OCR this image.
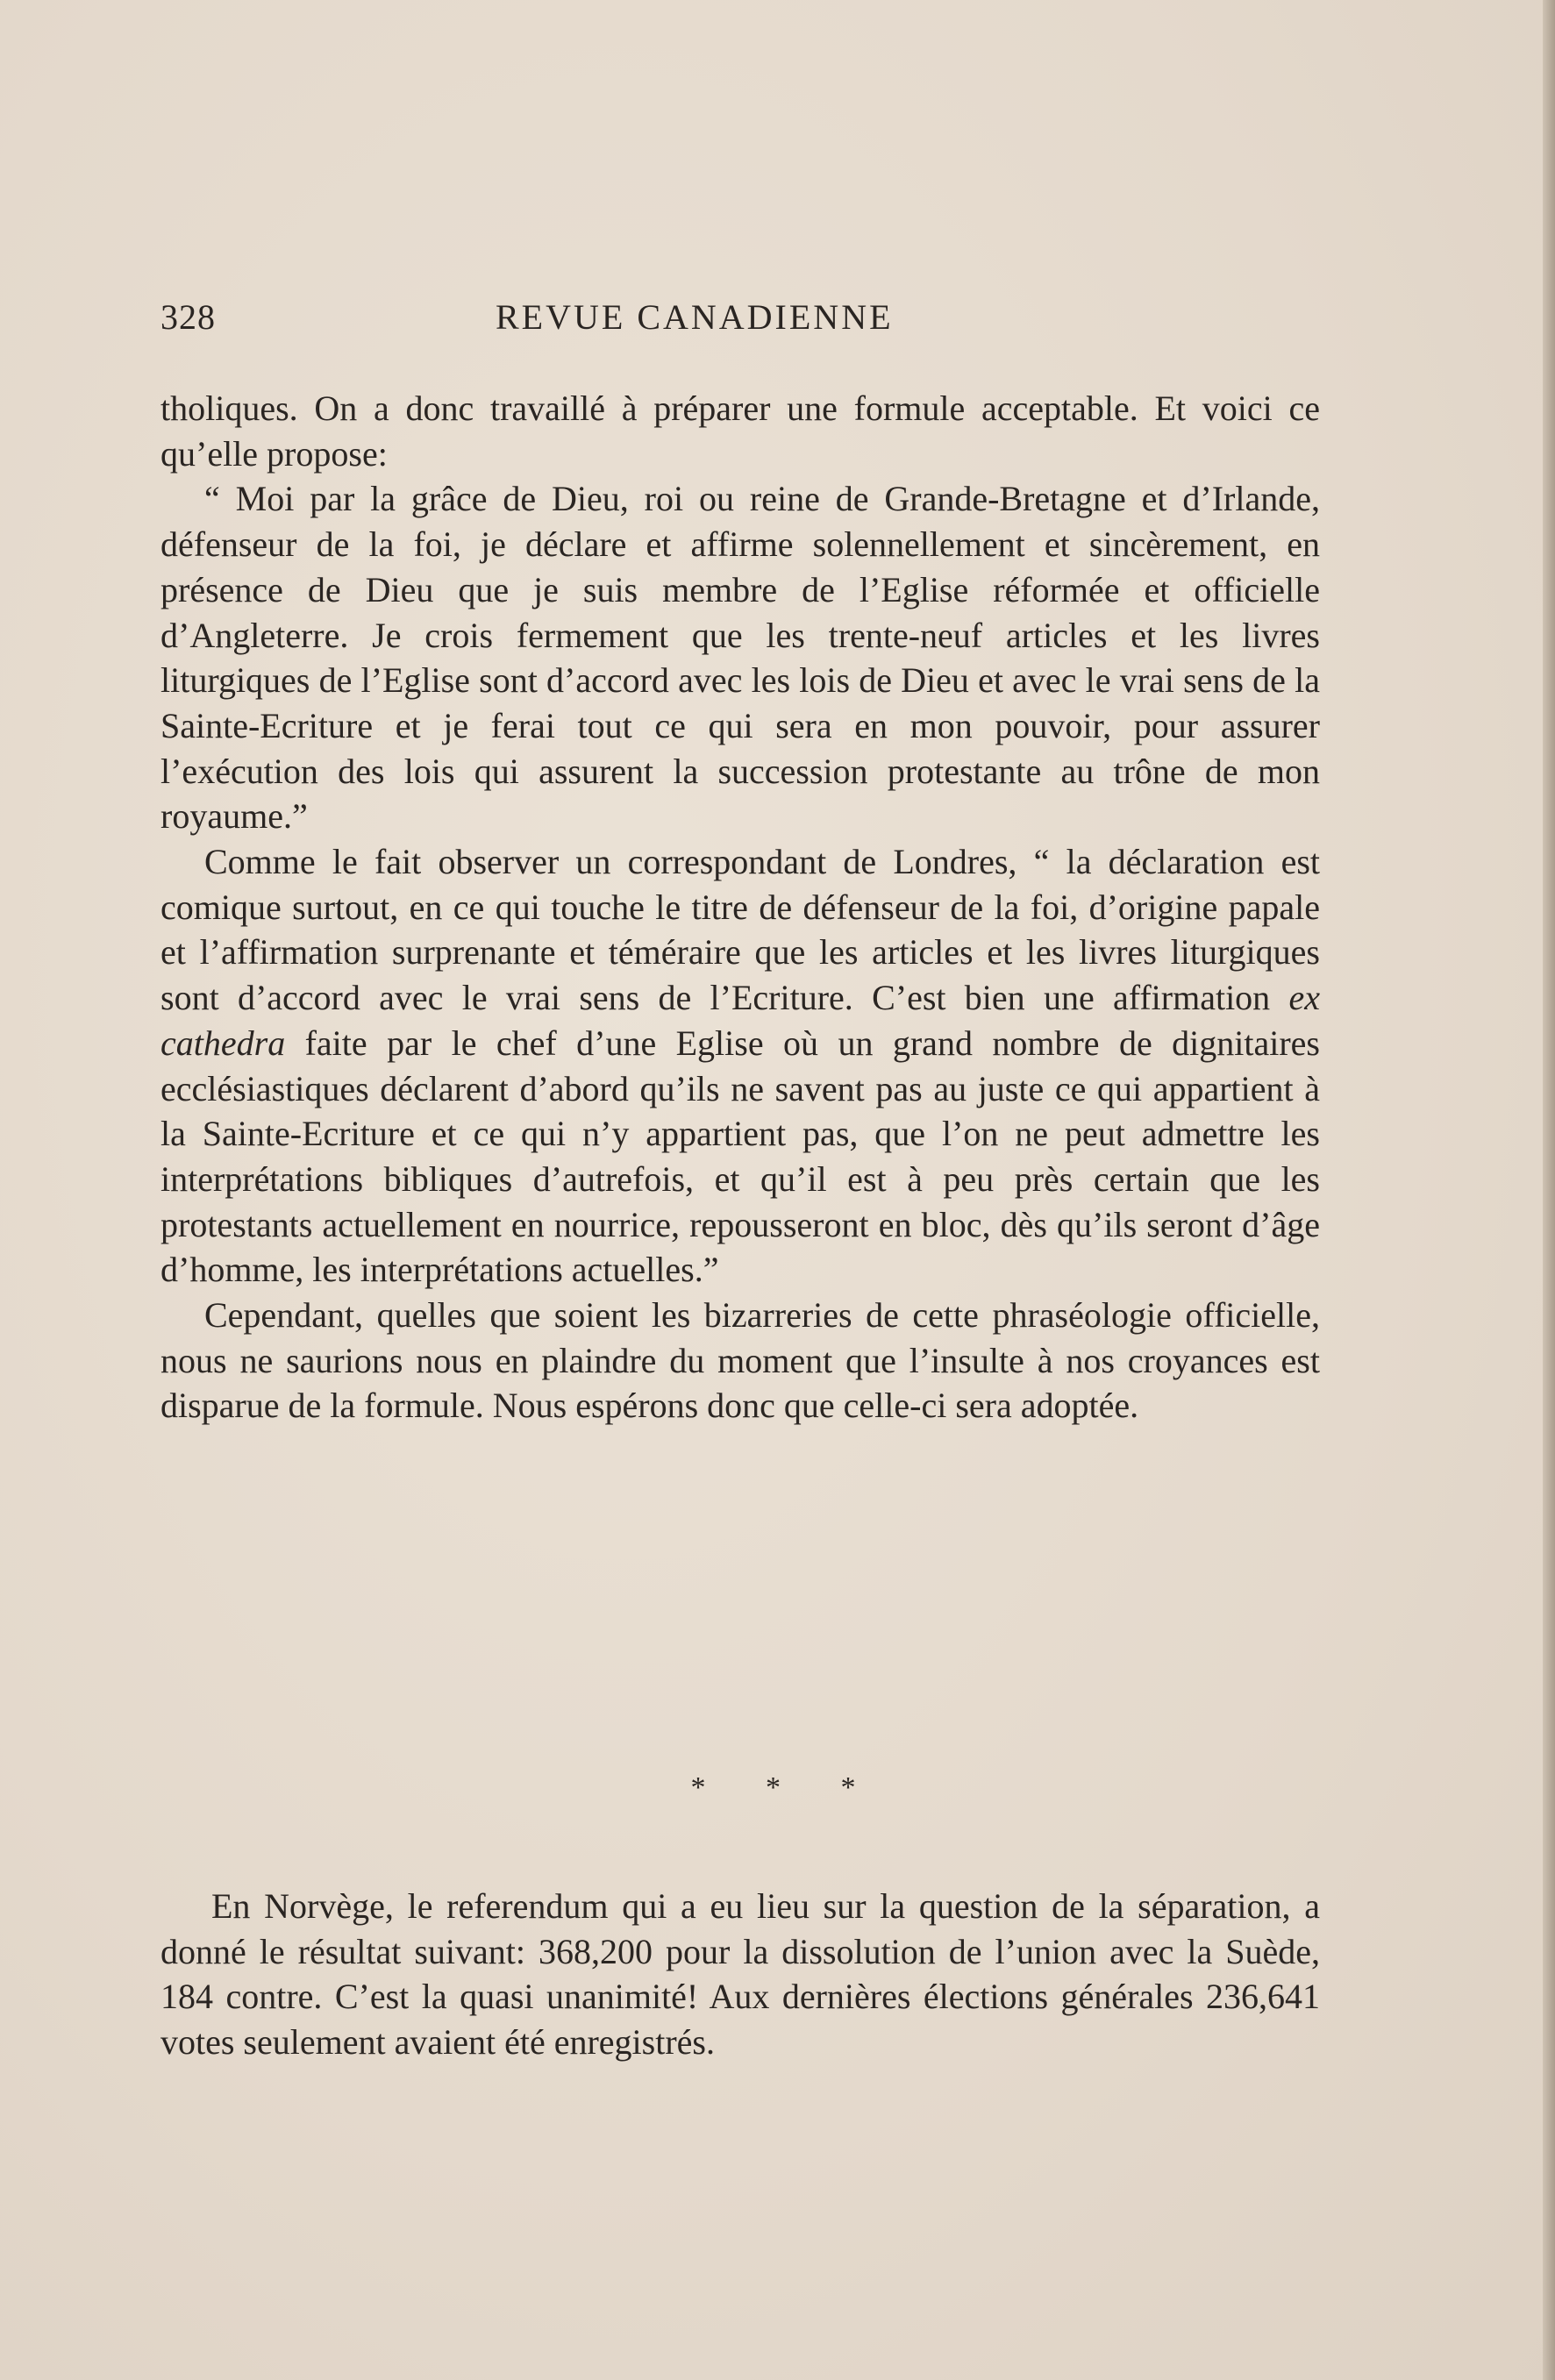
328	REVUE CANADIENNE

tholiques. On a donc travaillé à préparer une formule acceptable. Et voici ce qu’elle propose:

“ Moi par la grâce de Dieu, roi ou reine de Grande-Bretagne et d’Irlande, défenseur de la foi, je déclare et affirme solennellement et sincèrement, en présence de Dieu que je suis membre de l’Eglise réformée et officielle d’Angleterre. Je crois fermement que les trente-neuf articles et les livres liturgiques de l’Eglise sont d’accord avec les lois de Dieu et avec le vrai sens de la Sainte-Ecriture et je ferai tout ce qui sera en mon pouvoir, pour assurer l’exécution des lois qui assurent la succession protestante au trône de mon royaume.”

Comme le fait observer un correspondant de Londres, “ la déclaration est comique surtout, en ce qui touche le titre de défenseur de la foi, d’origine papale et l’affirmation surprenante et téméraire que les articles et les livres liturgiques sont d’accord avec le vrai sens de l’Ecriture. C’est bien une affirmation ex cathedra faite par le chef d’une Eglise où un grand nombre de dignitaires ecclésiastiques déclarent d’abord qu’ils ne savent pas au juste ce qui appartient à la Sainte-Ecriture et ce qui n’y appartient pas, que l’on ne peut admettre les interprétations bibliques d’autrefois, et qu’il est à peu près certain que les protestants actuellement en nourrice, repousseront en bloc, dès qu’ils seront d’âge d’homme, les interprétations actuelles.”

Cependant, quelles que soient les bizarreries de cette phraséologie officielle, nous ne saurions nous en plaindre du moment que l’insulte à nos croyances est disparue de la formule. Nous espérons donc que celle-ci sera adoptée.

* * *

En Norvège, le referendum qui a eu lieu sur la question de la séparation, a donné le résultat suivant: 368,200 pour la dissolution de l’union avec la Suède, 184 contre. C’est la quasi unanimité! Aux dernières élections générales 236,641 votes seulement avaient été enregistrés.
